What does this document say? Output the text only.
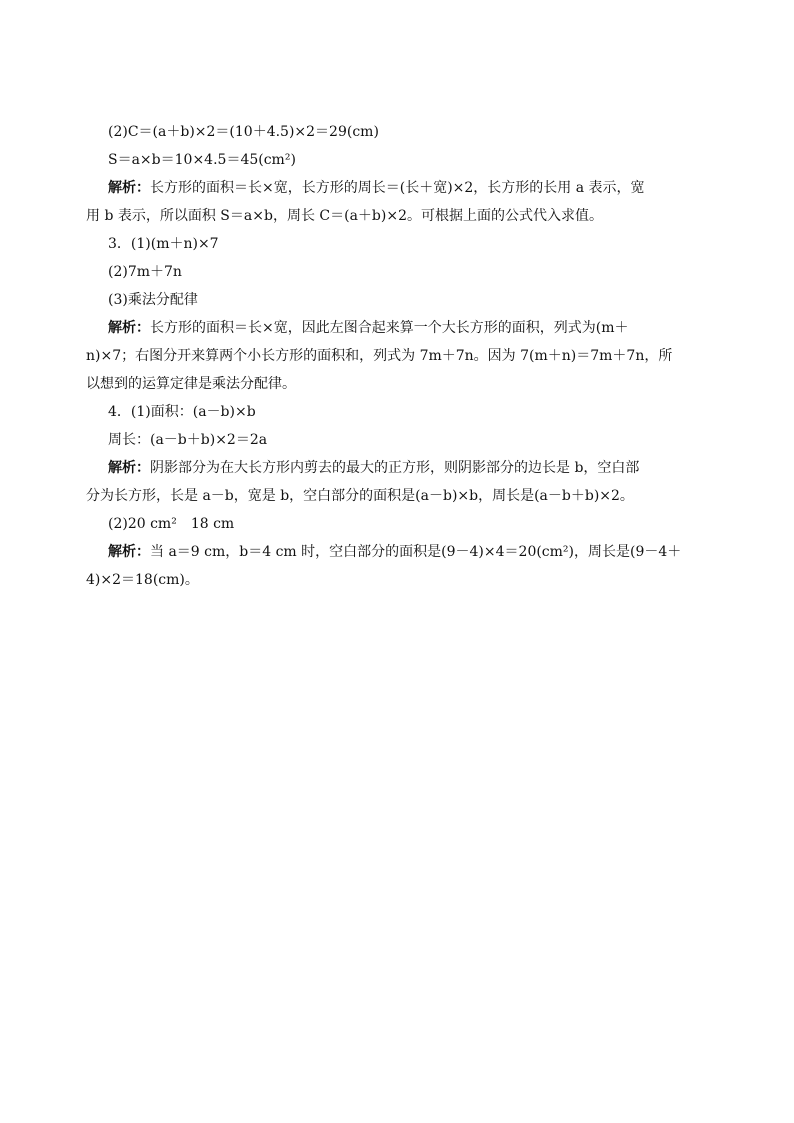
(2)C＝(a＋b)×2＝(10＋4.5)×2＝29(cm)
S＝a×b＝10×4.5＝45(cm²)
解析：长方形的面积＝长×宽，长方形的周长＝(长＋宽)×2，长方形的长用 a 表示，宽
用 b 表示，所以面积 S＝a×b，周长 C＝(a＋b)×2。可根据上面的公式代入求值。
3．(1)(m＋n)×7
(2)7m＋7n
(3)乘法分配律
解析：长方形的面积＝长×宽，因此左图合起来算一个大长方形的面积，列式为(m＋
n)×7；右图分开来算两个小长方形的面积和，列式为 7m＋7n。因为 7(m＋n)＝7m＋7n，所
以想到的运算定律是乘法分配律。
4．(1)面积：(a－b)×b
周长：(a－b＋b)×2＝2a
解析：阴影部分为在大长方形内剪去的最大的正方形，则阴影部分的边长是 b，空白部
分为长方形，长是 a－b，宽是 b，空白部分的面积是(a－b)×b，周长是(a－b＋b)×2。
(2)20 cm²　18 cm
解析：当 a＝9 cm，b＝4 cm 时，空白部分的面积是(9－4)×4＝20(cm²)，周长是(9－4＋
4)×2＝18(cm)。
